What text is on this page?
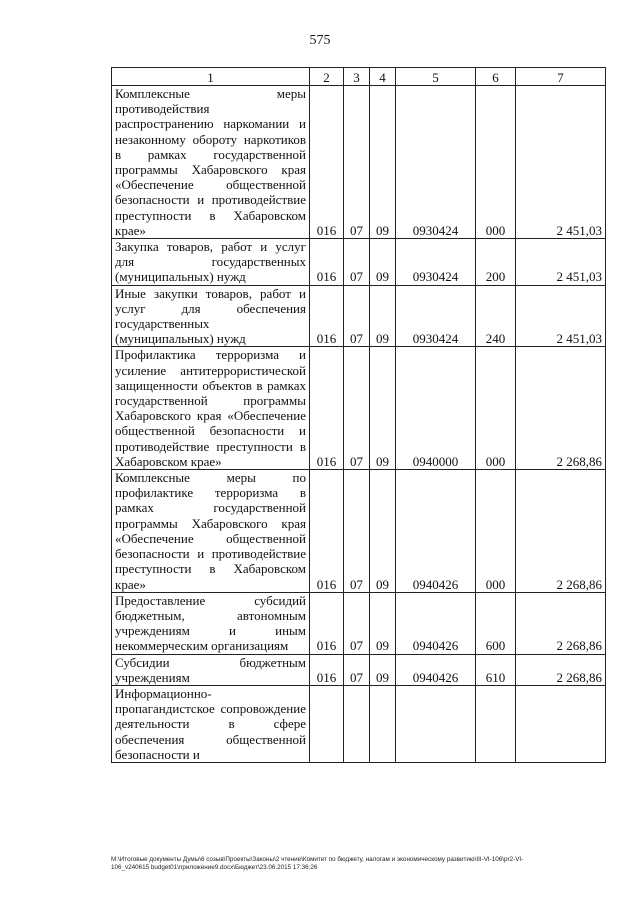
575
1	2	3	4	5	6	7
Комплексные меры противодействия распространению наркомании и незаконному обороту наркотиков в рамках государственной программы Хабаровского края «Обеспечение общественной безопасности и противодействие преступности в Хабаровском крае»	016	07	09	0930424	000	2 451,03
Закупка товаров, работ и услуг для государственных (муниципальных) нужд	016	07	09	0930424	200	2 451,03
Иные закупки товаров, работ и услуг для обеспечения государственных (муниципальных) нужд	016	07	09	0930424	240	2 451,03
Профилактика терроризма и усиление антитеррористической защищенности объектов в рамках государственной программы Хабаровского края «Обеспечение общественной безопасности и противодействие преступности в Хабаровском крае»	016	07	09	0940000	000	2 268,86
Комплексные меры по профилактике терроризма в рамках государственной программы Хабаровского края «Обеспечение общественной безопасности и противодействие преступности в Хабаровском крае»	016	07	09	0940426	000	2 268,86
Предоставление субсидий бюджетным, автономным учреждениям и иным некоммерческим организациям	016	07	09	0940426	600	2 268,86
Субсидии бюджетным учреждениям	016	07	09	0940426	610	2 268,86
Информационно-пропагандистское сопровождение деятельности в сфере обеспечения общественной безопасности и						
M:\Итоговые документы Думы\6 созыв\Проекты\Законы\2 чтение\Комитет по бюджету, налогам и экономическому развитию\III-VI-106\pr2-VI-
106_v240615 budget01\приложение9.docx\Бюджет\23.06.2015 17:36:26
